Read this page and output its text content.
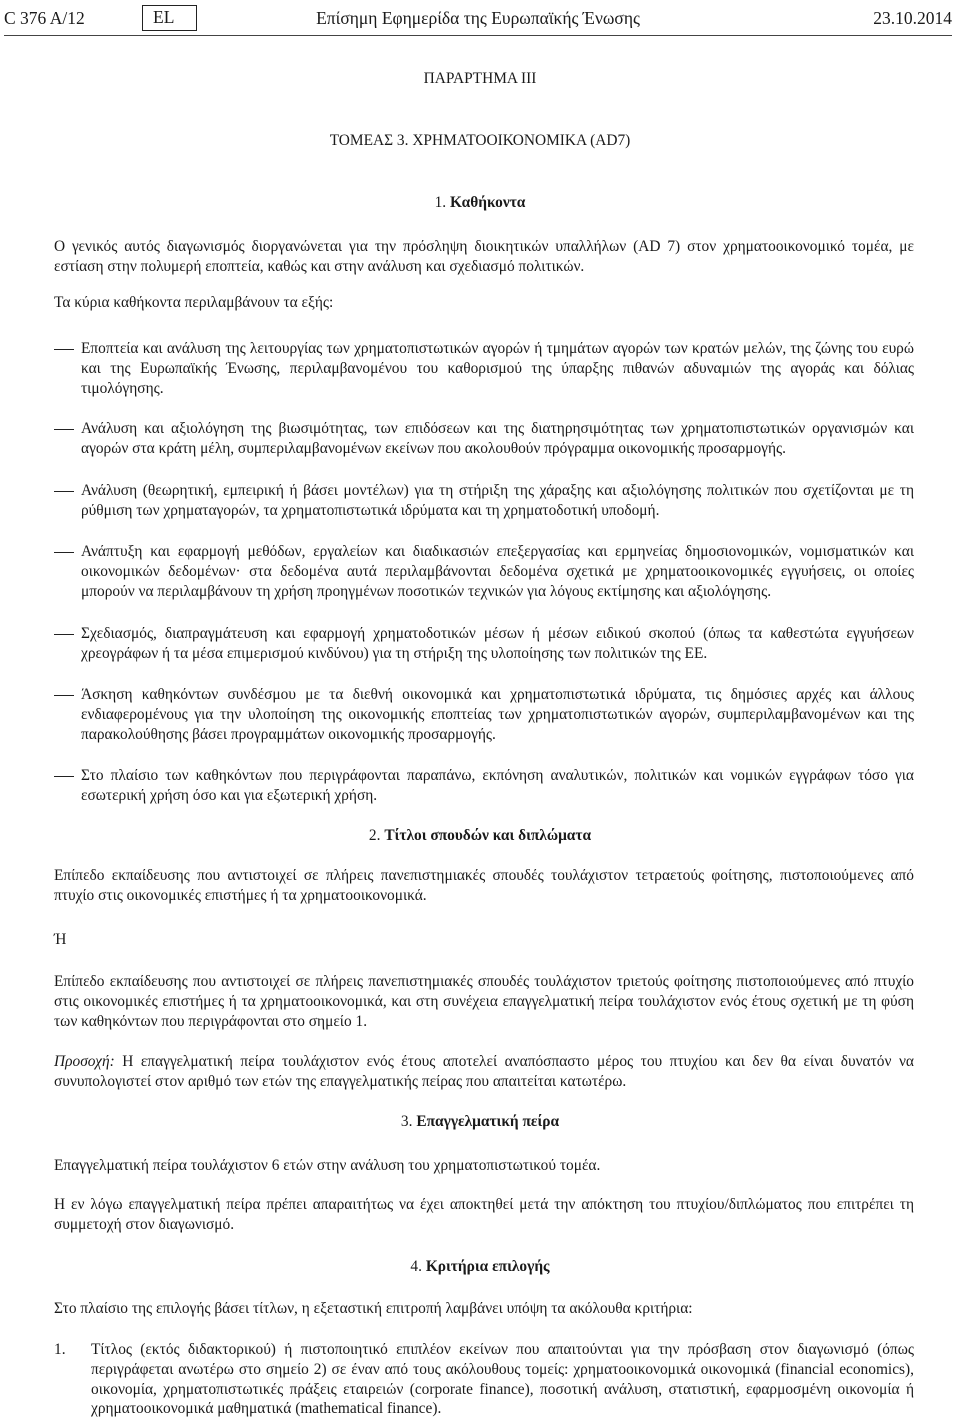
C 376 A/12	EL	Επίσημη Εφημερίδα της Ευρωπαϊκής Ένωσης	23.10.2014
ΠΑΡΑΡΤΗΜΑ III
ΤΟΜΕΑΣ 3. ΧΡΗΜΑΤΟΟΙΚΟΝΟΜΙΚΑ (AD7)
1. Καθήκοντα
Ο γενικός αυτός διαγωνισμός διοργανώνεται για την πρόσληψη διοικητικών υπαλλήλων (AD 7) στον χρηματοοικονομικό τομέα, με εστίαση στην πολυμερή εποπτεία, καθώς και στην ανάλυση και σχεδιασμό πολιτικών.
Τα κύρια καθήκοντα περιλαμβάνουν τα εξής:
Εποπτεία και ανάλυση της λειτουργίας των χρηματοπιστωτικών αγορών ή τμημάτων αγορών των κρατών μελών, της ζώνης του ευρώ και της Ευρωπαϊκής Ένωσης, περιλαμβανομένου του καθορισμού της ύπαρξης πιθανών αδυναμιών της αγοράς και δόλιας τιμολόγησης.
Ανάλυση και αξιολόγηση της βιωσιμότητας, των επιδόσεων και της διατηρησιμότητας των χρηματοπιστωτικών οργανισμών και αγορών στα κράτη μέλη, συμπεριλαμβανομένων εκείνων που ακολουθούν πρόγραμμα οικονομικής προσαρμογής.
Ανάλυση (θεωρητική, εμπειρική ή βάσει μοντέλων) για τη στήριξη της χάραξης και αξιολόγησης πολιτικών που σχετίζονται με τη ρύθμιση των χρηματαγορών, τα χρηματοπιστωτικά ιδρύματα και τη χρηματοδοτική υποδομή.
Ανάπτυξη και εφαρμογή μεθόδων, εργαλείων και διαδικασιών επεξεργασίας και ερμηνείας δημοσιονομικών, νομισματικών και οικονομικών δεδομένων· στα δεδομένα αυτά περιλαμβάνονται δεδομένα σχετικά με χρηματοοικονομικές εγγυήσεις, οι οποίες μπορούν να περιλαμβάνουν τη χρήση προηγμένων ποσοτικών τεχνικών για λόγους εκτίμησης και αξιολόγησης.
Σχεδιασμός, διαπραγμάτευση και εφαρμογή χρηματοδοτικών μέσων ή μέσων ειδικού σκοπού (όπως τα καθεστώτα εγγυήσεων χρεογράφων ή τα μέσα επιμερισμού κινδύνου) για τη στήριξη της υλοποίησης των πολιτικών της ΕΕ.
Άσκηση καθηκόντων συνδέσμου με τα διεθνή οικονομικά και χρηματοπιστωτικά ιδρύματα, τις δημόσιες αρχές και άλλους ενδιαφερομένους για την υλοποίηση της οικονομικής εποπτείας των χρηματοπιστωτικών αγορών, συμπεριλαμβανομένων και της παρακολούθησης βάσει προγραμμάτων οικονομικής προσαρμογής.
Στο πλαίσιο των καθηκόντων που περιγράφονται παραπάνω, εκπόνηση αναλυτικών, πολιτικών και νομικών εγγράφων τόσο για εσωτερική χρήση όσο και για εξωτερική χρήση.
2. Τίτλοι σπουδών και διπλώματα
Επίπεδο εκπαίδευσης που αντιστοιχεί σε πλήρεις πανεπιστημιακές σπουδές τουλάχιστον τετραετούς φοίτησης, πιστοποιούμενες από πτυχίο στις οικονομικές επιστήμες ή τα χρηματοοικονομικά.
Ή
Επίπεδο εκπαίδευσης που αντιστοιχεί σε πλήρεις πανεπιστημιακές σπουδές τουλάχιστον τριετούς φοίτησης πιστοποιούμενες από πτυχίο στις οικονομικές επιστήμες ή τα χρηματοοικονομικά, και στη συνέχεια επαγγελματική πείρα τουλάχιστον ενός έτους σχετική με τη φύση των καθηκόντων που περιγράφονται στο σημείο 1.
Προσοχή: Η επαγγελματική πείρα τουλάχιστον ενός έτους αποτελεί αναπόσπαστο μέρος του πτυχίου και δεν θα είναι δυνατόν να συνυπολογιστεί στον αριθμό των ετών της επαγγελματικής πείρας που απαιτείται κατωτέρω.
3. Επαγγελματική πείρα
Επαγγελματική πείρα τουλάχιστον 6 ετών στην ανάλυση του χρηματοπιστωτικού τομέα.
Η εν λόγω επαγγελματική πείρα πρέπει απαραιτήτως να έχει αποκτηθεί μετά την απόκτηση του πτυχίου/διπλώματος που επιτρέπει τη συμμετοχή στον διαγωνισμό.
4. Κριτήρια επιλογής
Στο πλαίσιο της επιλογής βάσει τίτλων, η εξεταστική επιτροπή λαμβάνει υπόψη τα ακόλουθα κριτήρια:
1. Τίτλος (εκτός διδακτορικού) ή πιστοποιητικό επιπλέον εκείνων που απαιτούνται για την πρόσβαση στον διαγωνισμό (όπως περιγράφεται ανωτέρω στο σημείο 2) σε έναν από τους ακόλουθους τομείς: χρηματοοικονομικά οικονομικά (financial economics), οικονομία, χρηματοπιστωτικές πράξεις εταιρειών (corporate finance), ποσοτική ανάλυση, στατιστική, εφαρμοσμένη οικονομία ή χρηματοοικονομικά μαθηματικά (mathematical finance).
